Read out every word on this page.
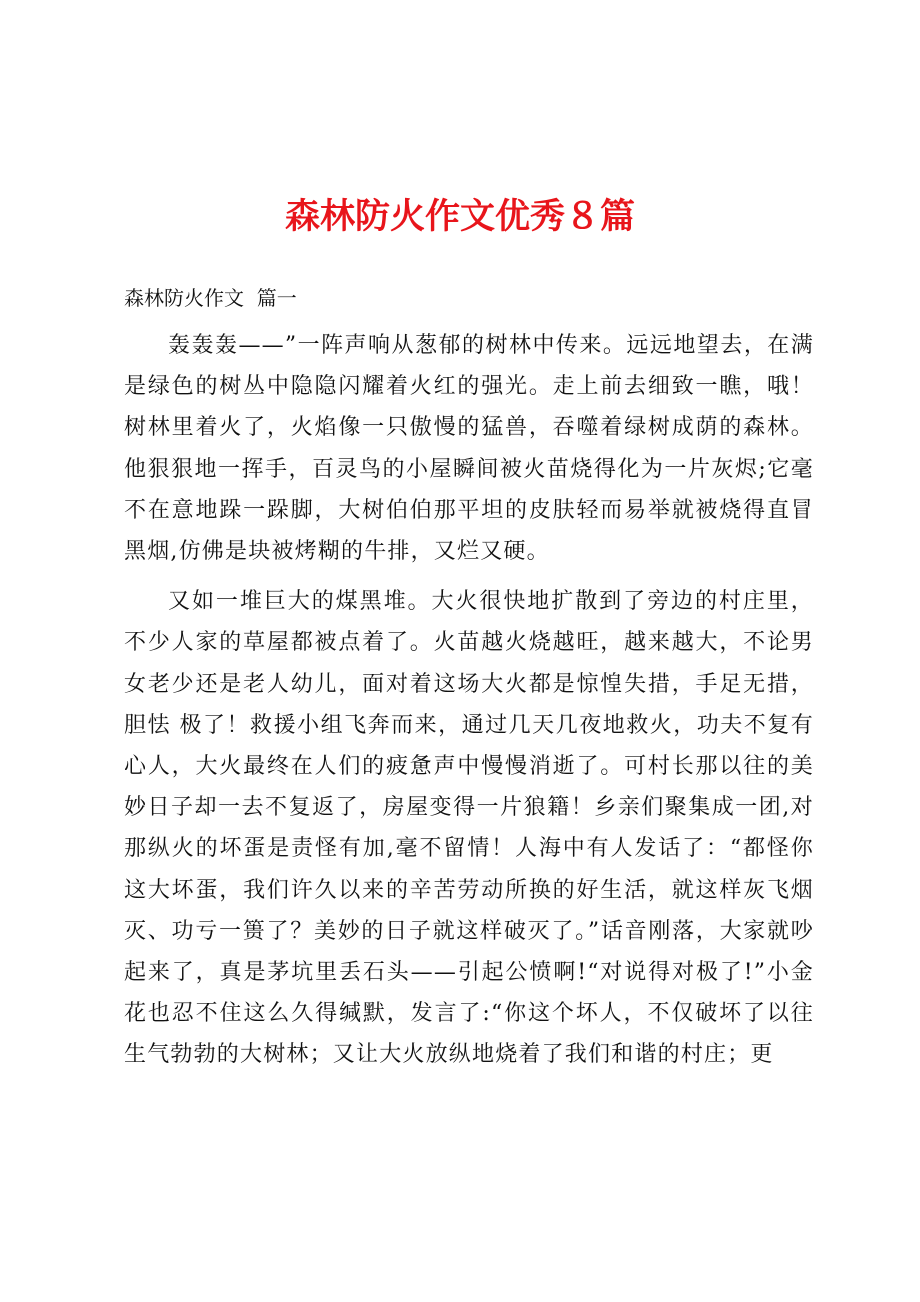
森林防火作文优秀８篇
森林防火作文  篇一

轰轰轰——”一阵声响从葱郁的树林中传来。远远地望去，在满是绿色的树丛中隐隐闪耀着火红的强光。走上前去细致一瞧，哦！树林里着火了，火焰像一只傲慢的猛兽，吞噬着绿树成荫的森林。他狠狠地一挥手，百灵鸟的小屋瞬间被火苗烧得化为一片灰烬;它毫不在意地跺一跺脚，大树伯伯那平坦的皮肤轻而易举就被烧得直冒黑烟,仿佛是块被烤糊的牛排，又烂又硬。

又如一堆巨大的煤黑堆。大火很快地扩散到了旁边的村庄里，不少人家的草屋都被点着了。火苗越火烧越旺，越来越大，不论男女老少还是老人幼儿，面对着这场大火都是惊惶失措，手足无措，胆怯 极了！救援小组飞奔而来，通过几天几夜地救火，功夫不复有心人，大火最终在人们的疲惫声中慢慢消逝了。可村长那以往的美妙日子却一去不复返了，房屋变得一片狼籍！乡亲们聚集成一团,对那纵火的坏蛋是责怪有加,毫不留情！人海中有人发话了：“都怪你这大坏蛋，我们许久以来的辛苦劳动所换的好生活，就这样灰飞烟灭、功亏一篑了？美妙的日子就这样破灭了。”话音刚落，大家就吵起来了，真是茅坑里丢石头——引起公愤啊!“对说得对极了!”小金花也忍不住这么久得缄默，发言了:“你这个坏人，不仅破坏了以往生气勃勃的大树林；又让大火放纵地烧着了我们和谐的村庄；更
